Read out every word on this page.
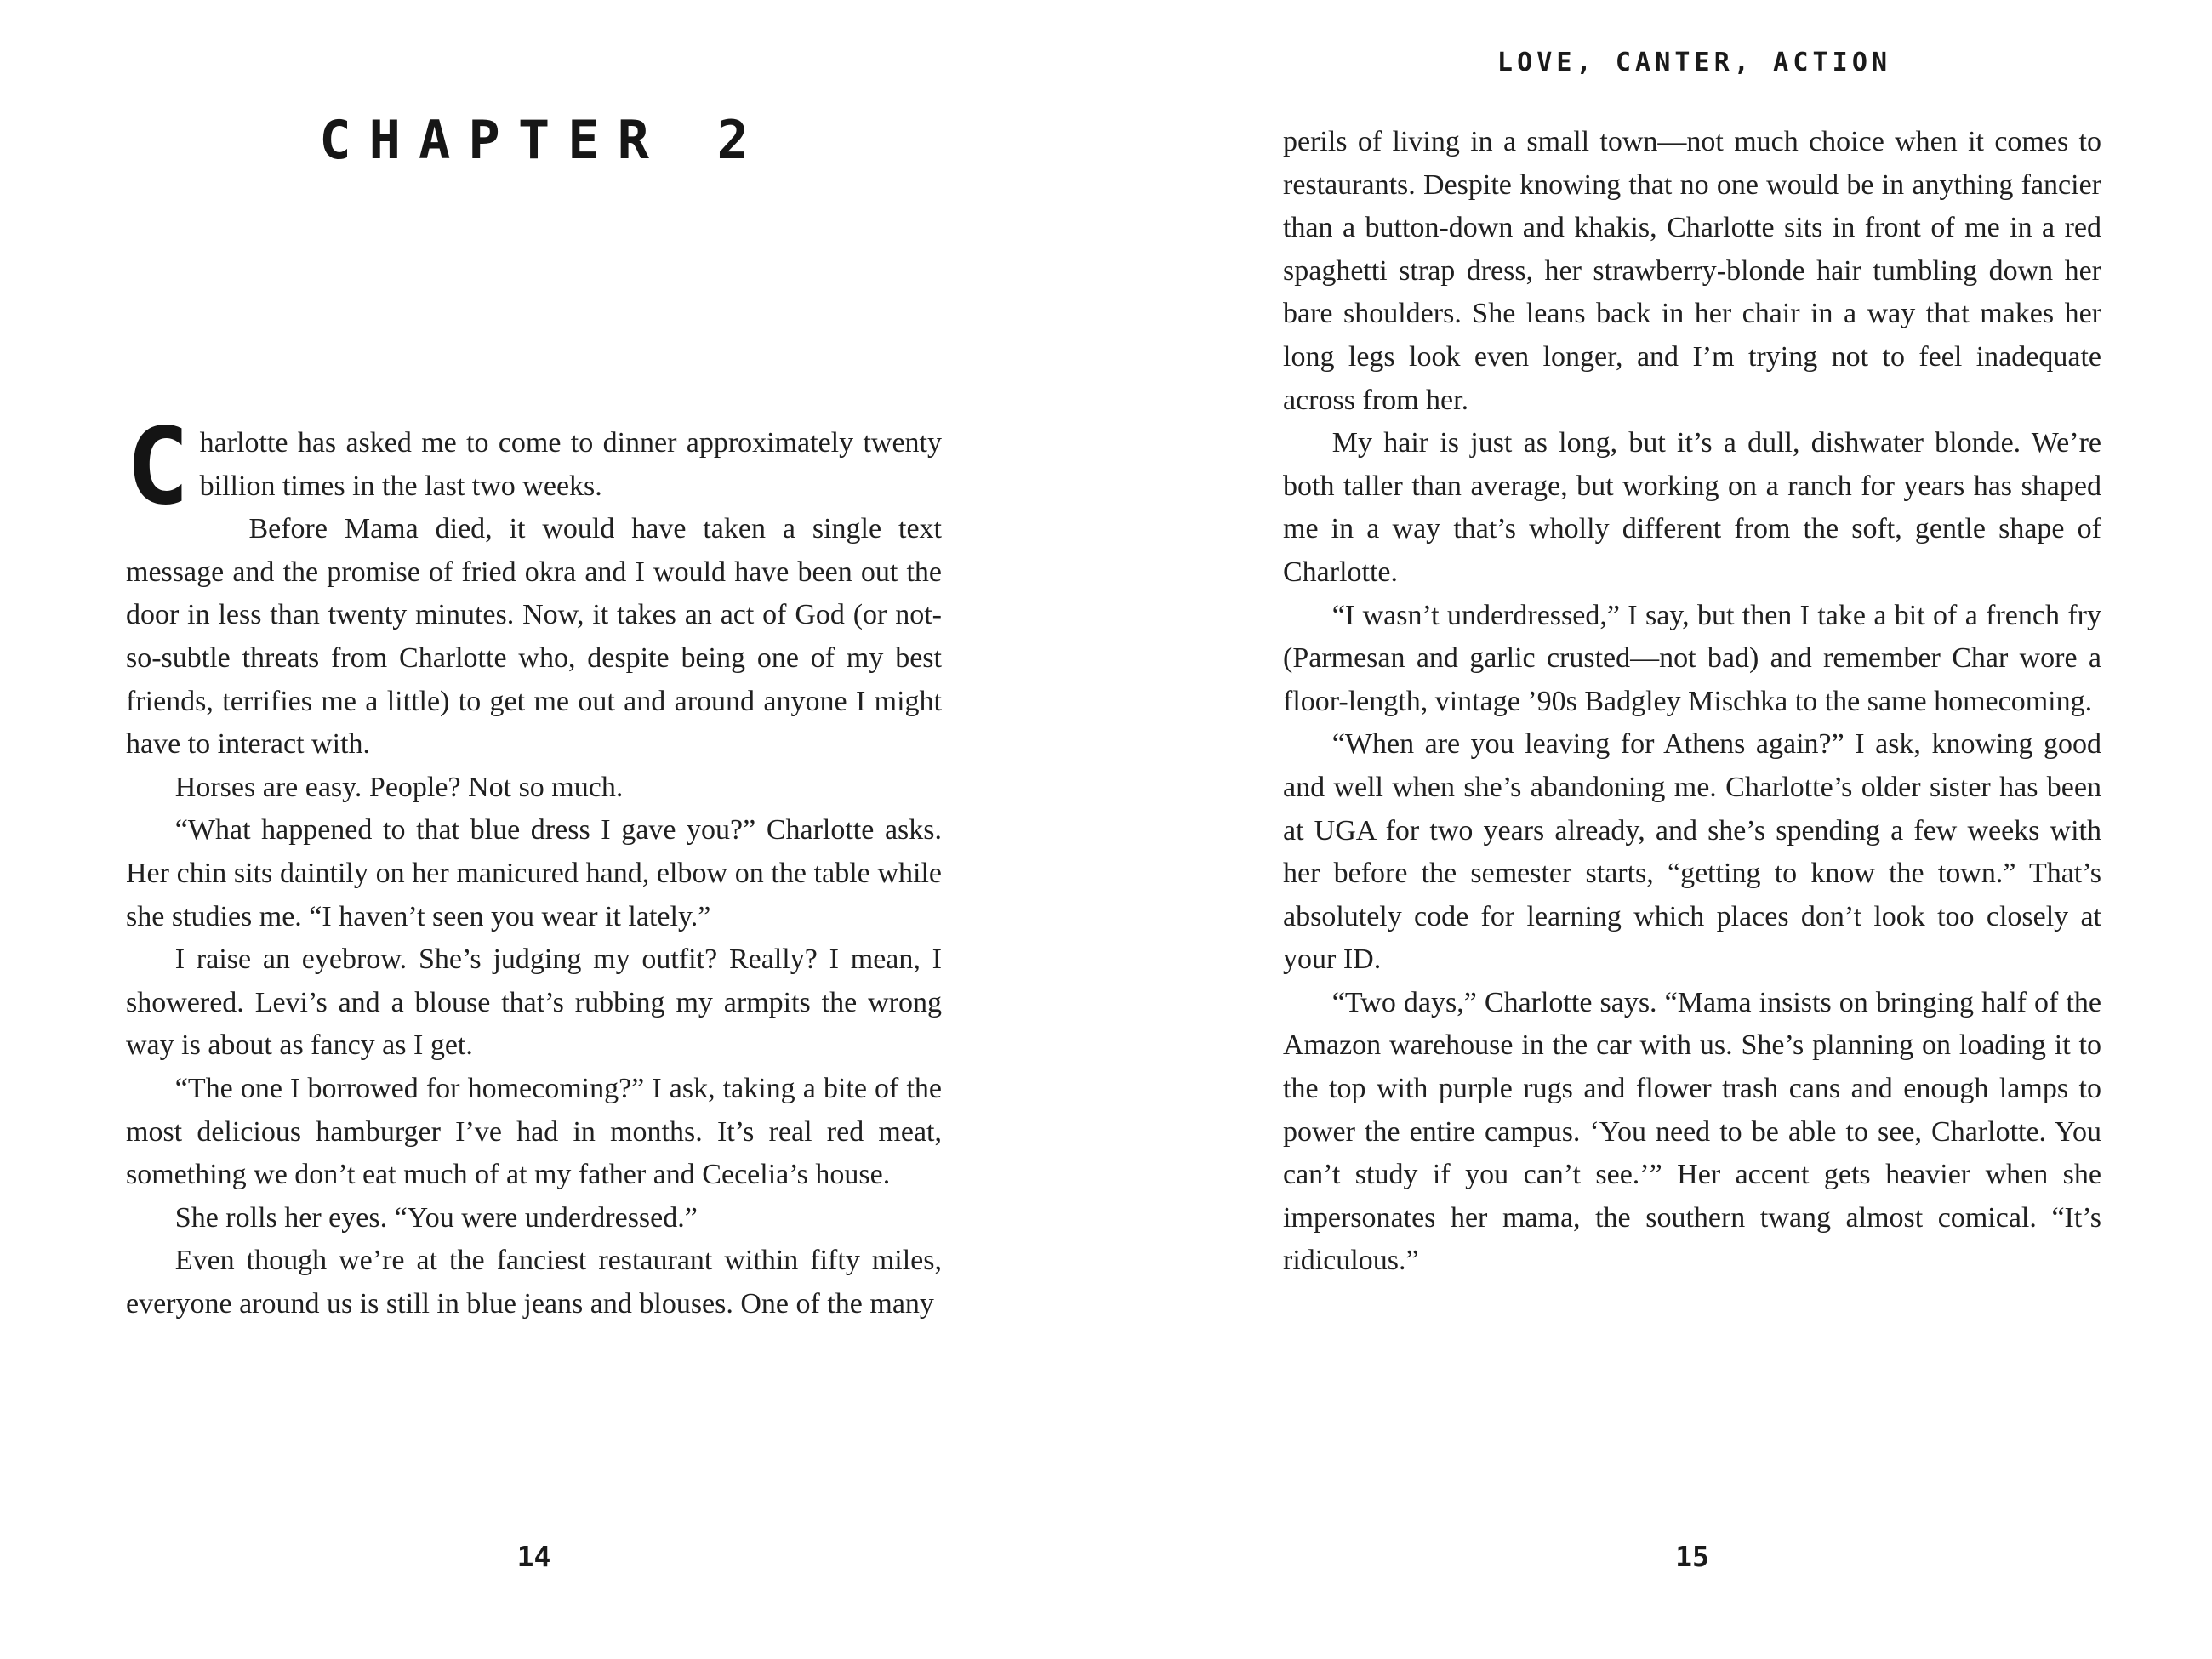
CHAPTER 2

Charlotte has asked me to come to dinner approximately twenty billion times in the last two weeks.

Before Mama died, it would have taken a single text message and the promise of fried okra and I would have been out the door in less than twenty minutes. Now, it takes an act of God (or not-so-subtle threats from Charlotte who, despite being one of my best friends, terrifies me a little) to get me out and around anyone I might have to interact with.

Horses are easy. People? Not so much.

“What happened to that blue dress I gave you?” Charlotte asks. Her chin sits daintily on her manicured hand, elbow on the table while she studies me. “I haven’t seen you wear it lately.”

I raise an eyebrow. She’s judging my outfit? Really? I mean, I showered. Levi’s and a blouse that’s rubbing my armpits the wrong way is about as fancy as I get.

“The one I borrowed for homecoming?” I ask, taking a bite of the most delicious hamburger I’ve had in months. It’s real red meat, something we don’t eat much of at my father and Cecelia’s house.

She rolls her eyes. “You were underdressed.”

Even though we’re at the fanciest restaurant within fifty miles, everyone around us is still in blue jeans and blouses. One of the many

14
LOVE, CANTER, ACTION

perils of living in a small town—not much choice when it comes to restaurants. Despite knowing that no one would be in anything fancier than a button-down and khakis, Charlotte sits in front of me in a red spaghetti strap dress, her strawberry-blonde hair tumbling down her bare shoulders. She leans back in her chair in a way that makes her long legs look even longer, and I’m trying not to feel inadequate across from her.

My hair is just as long, but it’s a dull, dishwater blonde. We’re both taller than average, but working on a ranch for years has shaped me in a way that’s wholly different from the soft, gentle shape of Charlotte.

“I wasn’t underdressed,” I say, but then I take a bit of a french fry (Parmesan and garlic crusted—not bad) and remember Char wore a floor-length, vintage ’90s Badgley Mischka to the same homecoming.

“When are you leaving for Athens again?” I ask, knowing good and well when she’s abandoning me. Charlotte’s older sister has been at UGA for two years already, and she’s spending a few weeks with her before the semester starts, “getting to know the town.” That’s absolutely code for learning which places don’t look too closely at your ID.

“Two days,” Charlotte says. “Mama insists on bringing half of the Amazon warehouse in the car with us. She’s planning on loading it to the top with purple rugs and flower trash cans and enough lamps to power the entire campus. ‘You need to be able to see, Charlotte. You can’t study if you can’t see.’” Her accent gets heavier when she impersonates her mama, the southern twang almost comical. “It’s ridiculous.”

15
